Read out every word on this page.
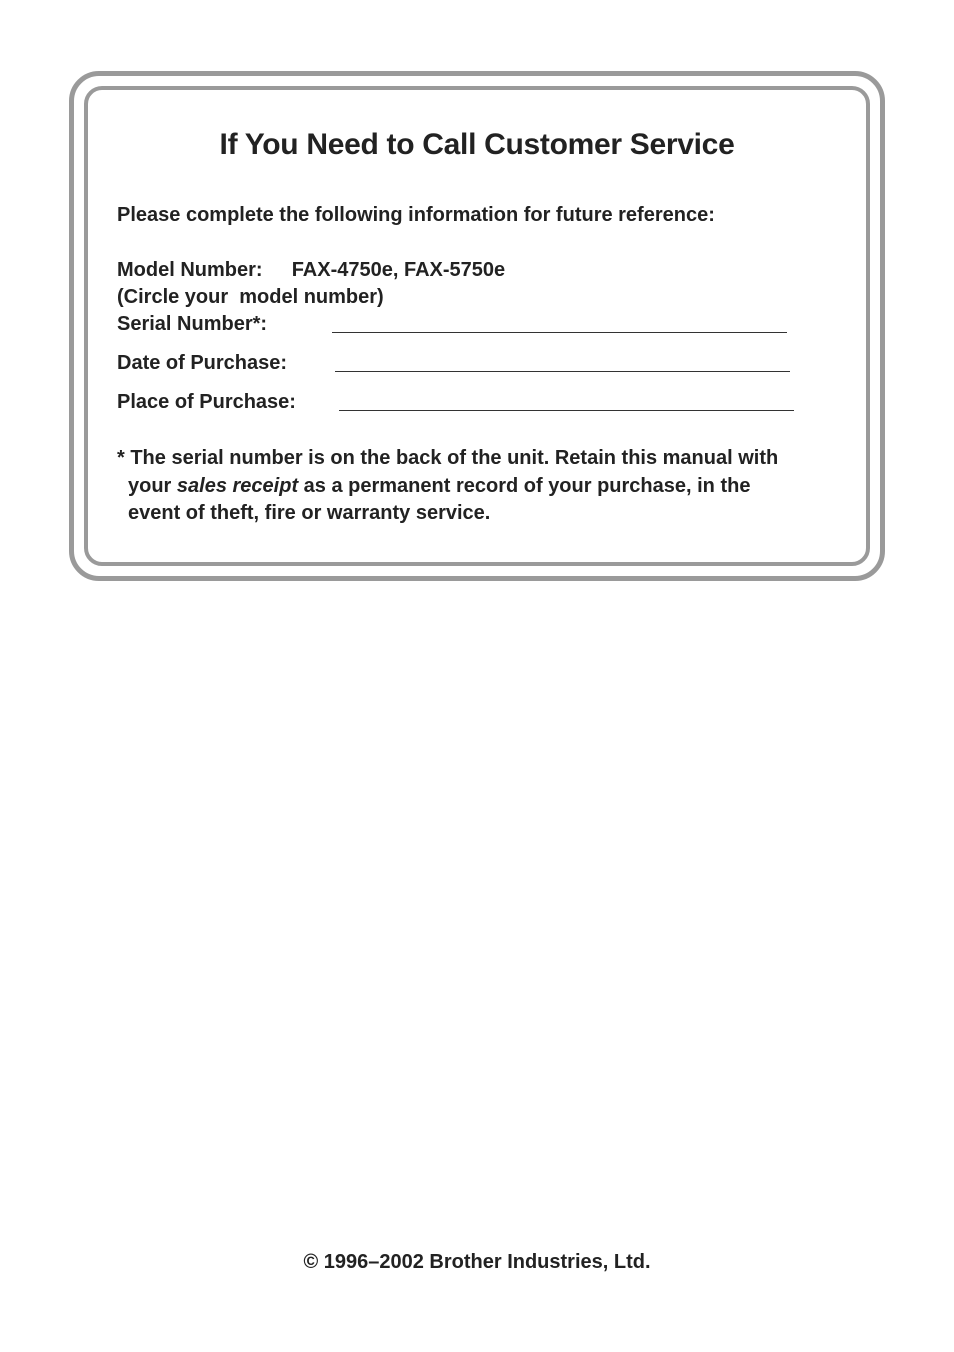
If You Need to Call Customer Service
Please complete the following information for future reference:
Model Number: FAX-4750e, FAX-5750e
(Circle your  model number)
Serial Number*:
Date of Purchase:
Place of Purchase:
* The serial number is on the back of the unit. Retain this manual with
your sales receipt as a permanent record of your purchase, in the
event of theft, fire or warranty service.
© 1996–2002 Brother Industries, Ltd.
